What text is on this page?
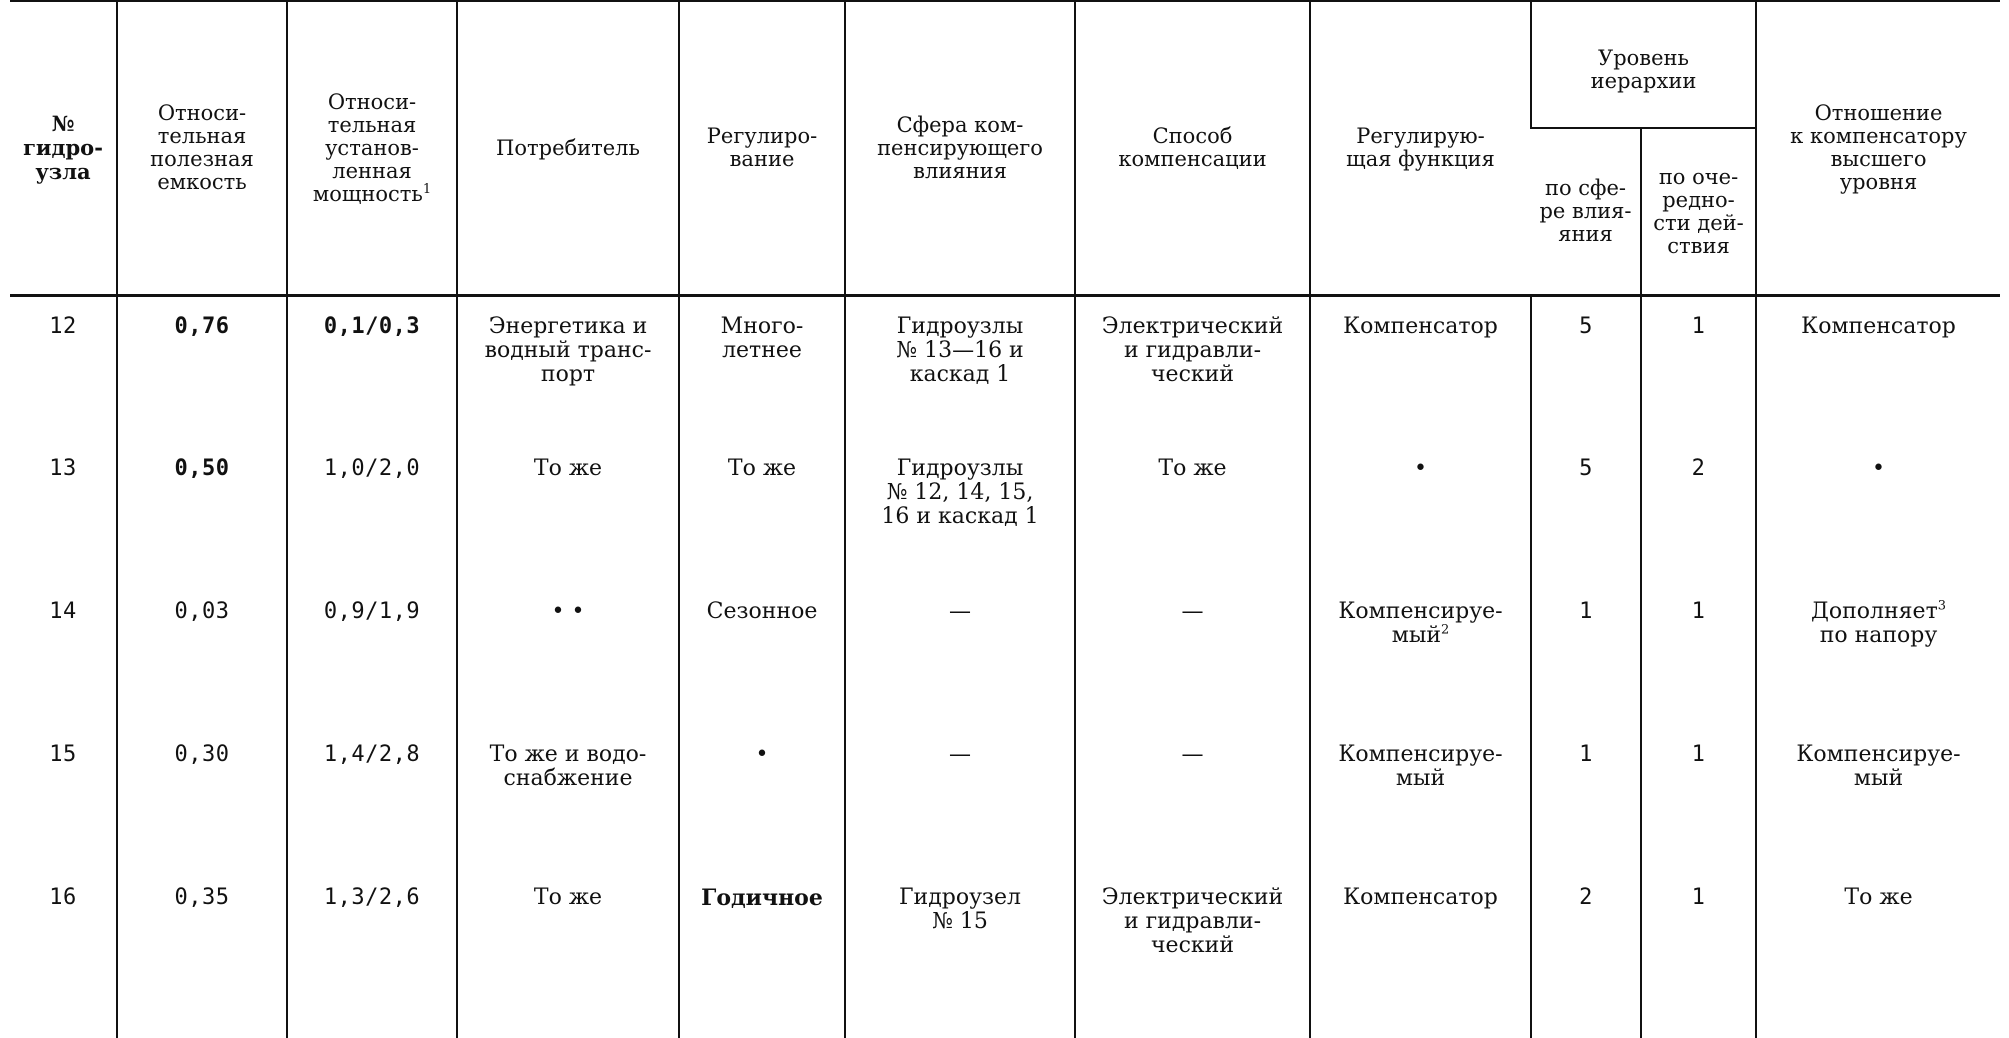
№
гидро-
узла	Относи-
тельная
полезная
емкость	Относи-
тельная
установ-
ленная
мощность$^1$	Потребитель	Регулиро-
вание	Сфера ком-
пенсирующего
влияния	Способ
компенсации	Регулирую-
щая функция	Уровень
иерархии		Отношение
к компенсатору
высшего
уровня
								по сфе-
ре влия-
яния	по оче-
редно-
сти дей-
ствия	
12	0,76	0,1/0,3	Энергетика и
водный транс-
порт	Много-
летнее	Гидроузлы
№ 13—16 и
каскад 1	Электрический
и гидравли-
ческий	Компенсатор	5	1	Компенсатор
13	0,50	1,0/2,0	То же	То же	Гидроузлы
№ 12, 14, 15,
16 и каскад 1	То же	•	5	2	•
14	0,03	0,9/1,9	• •	Сезонное	—	—	Компенсируе-
мый$^2$	1	1	Дополняет$^3$
по напору
15	0,30	1,4/2,8	То же и водо-
снабжение	•	—	—	Компенсируе-
мый	1	1	Компенсируе-
мый
16	0,35	1,3/2,6	То же	Годичное	Гидроузел
№ 15	Электрический
и гидравли-
ческий	Компенсатор	2	1	То же
